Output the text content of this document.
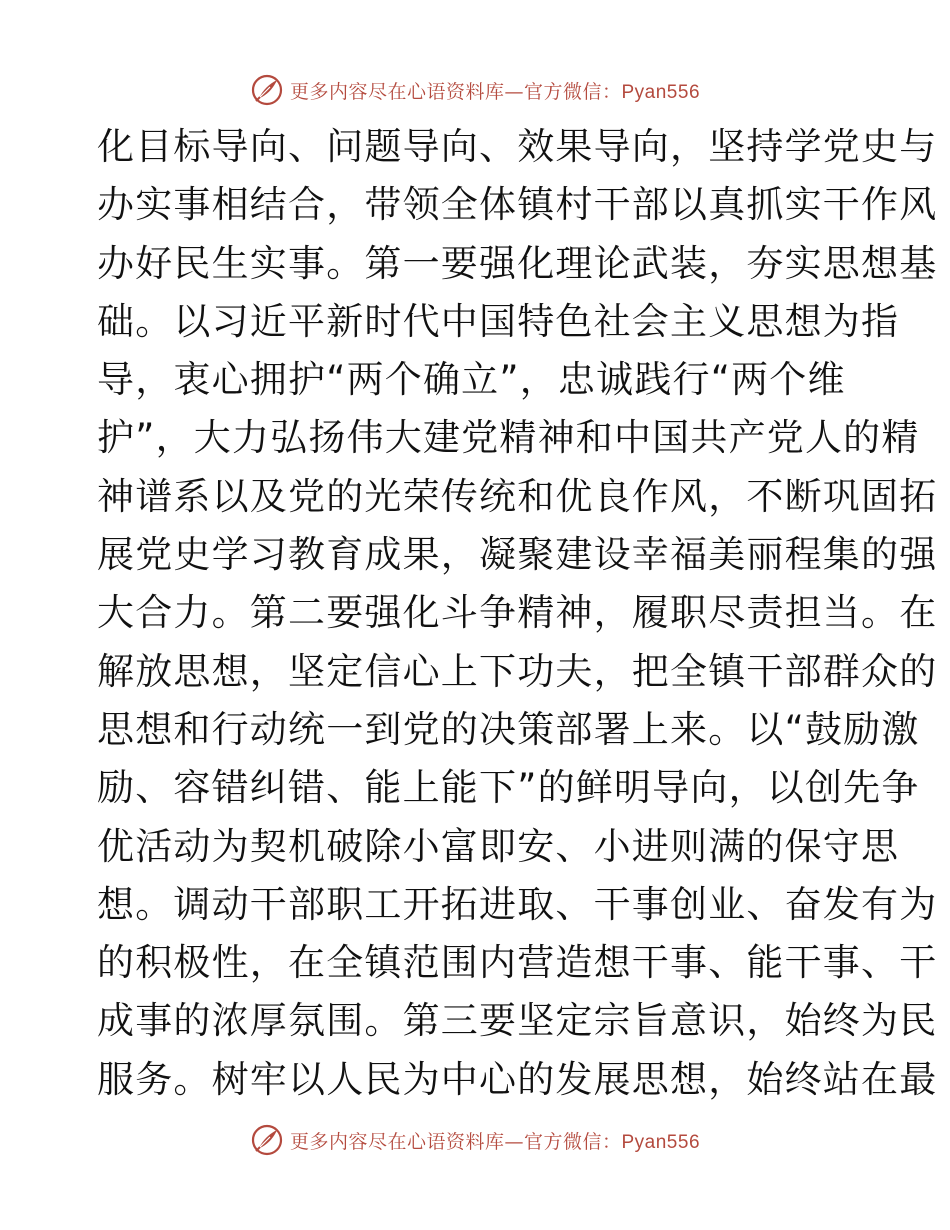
更多内容尽在心语资料库—官方微信：Pyan556
化目标导向、问题导向、效果导向，坚持学党史与
办实事相结合，带领全体镇村干部以真抓实干作风
办好民生实事。第一要强化理论武装，夯实思想基
础。以习近平新时代中国特色社会主义思想为指
导，衷心拥护“两个确立”，忠诚践行“两个维
护”，大力弘扬伟大建党精神和中国共产党人的精
神谱系以及党的光荣传统和优良作风，不断巩固拓
展党史学习教育成果，凝聚建设幸福美丽程集的强
大合力。第二要强化斗争精神，履职尽责担当。在
解放思想，坚定信心上下功夫，把全镇干部群众的
思想和行动统一到党的决策部署上来。以“鼓励激
励、容错纠错、能上能下”的鲜明导向，以创先争
优活动为契机破除小富即安、小进则满的保守思
想。调动干部职工开拓进取、干事创业、奋发有为
的积极性，在全镇范围内营造想干事、能干事、干
成事的浓厚氛围。第三要坚定宗旨意识，始终为民
服务。树牢以人民为中心的发展思想，始终站在最
更多内容尽在心语资料库—官方微信：Pyan556
